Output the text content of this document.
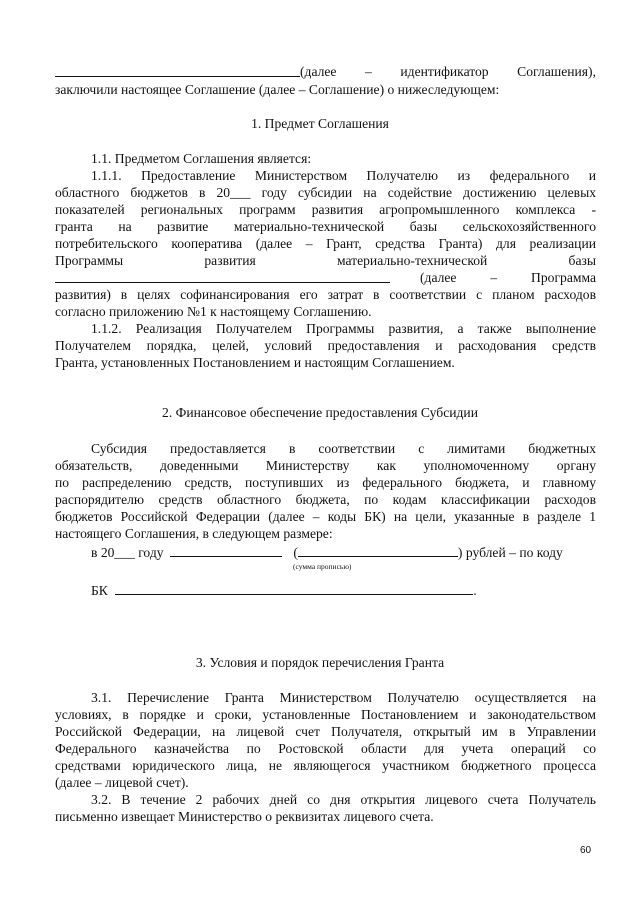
(далее – идентификатор Соглашения),
заключили настоящее Соглашение (далее – Соглашение) о нижеследующем:
1. Предмет Соглашения
1.1. Предметом Соглашения является:
1.1.1. Предоставление Министерством Получателю из федерального и
областного бюджетов в 20___ году субсидии на содействие достижению целевых
показателей региональных программ развития агропромышленного комплекса -
гранта на развитие материально-технической базы сельскохозяйственного
потребительского кооператива (далее – Грант, средства Гранта) для реализации
Программы	развития	материально-технической	базы
(далее – Программа
развития) в целях софинансирования его затрат в соответствии с планом расходов
согласно приложению №1 к настоящему Соглашению.
1.1.2. Реализация Получателем Программы развития, а также выполнение
Получателем порядка, целей, условий предоставления и расходования средств
Гранта, установленных Постановлением и настоящим Соглашением.
2. Финансовое обеспечение предоставления Субсидии
Субсидия предоставляется в соответствии с лимитами бюджетных
обязательств, доведенными Министерству как уполномоченному органу
по распределению средств, поступивших из федерального бюджета, и главному
распорядителю средств областного бюджета, по кодам классификации расходов
бюджетов Российской Федерации (далее – коды БК) на цели, указанные в разделе 1
настоящего Соглашения, в следующем размере:
в 20___ году	(	) рублей – по коду
(сумма прописью)
БК	.
3. Условия и порядок перечисления Гранта
3.1. Перечисление Гранта Министерством Получателю осуществляется на
условиях, в порядке и сроки, установленные Постановлением и законодательством
Российской Федерации, на лицевой счет Получателя, открытый им в Управлении
Федерального казначейства по Ростовской области для учета операций со
средствами юридического лица, не являющегося участником бюджетного процесса
(далее – лицевой счет).
3.2. В течение 2 рабочих дней со дня открытия лицевого счета Получатель
письменно извещает Министерство о реквизитах лицевого счета.
60
